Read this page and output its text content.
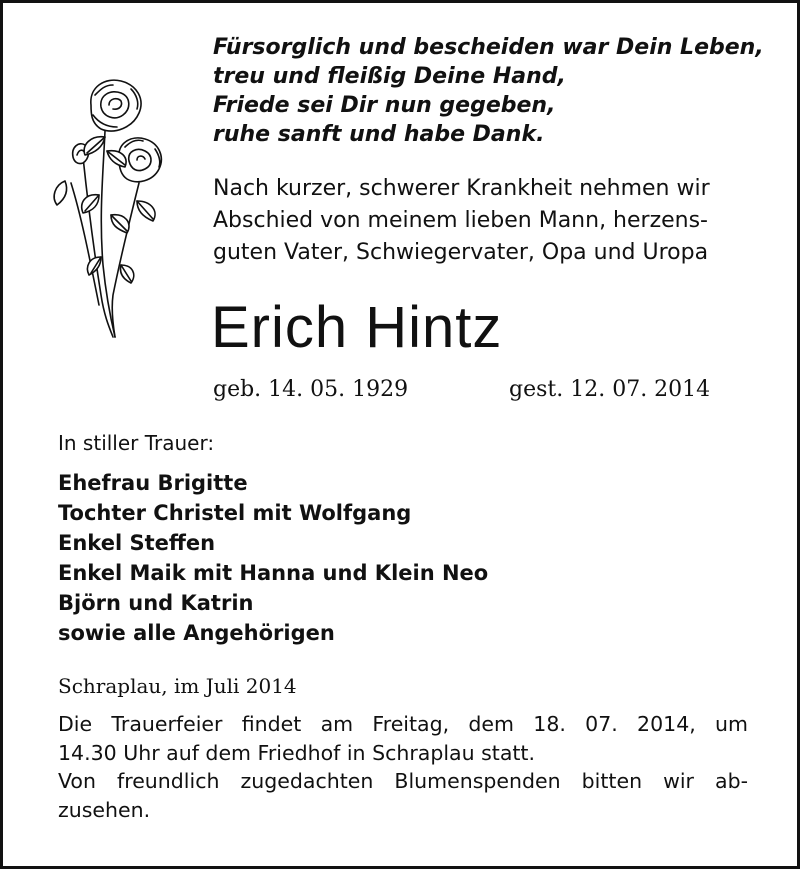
Fürsorglich und bescheiden war Dein Leben,
treu und fleißig Deine Hand,
Friede sei Dir nun gegeben,
ruhe sanft und habe Dank.
Nach kurzer, schwerer Krankheit nehmen wir
Abschied von meinem lieben Mann, herzens-
guten Vater, Schwiegervater, Opa und Uropa
Erich Hintz
geb. 14. 05. 1929	gest. 12. 07. 2014
In stiller Trauer:
Ehefrau Brigitte
Tochter Christel mit Wolfgang
Enkel Steffen
Enkel Maik mit Hanna und Klein Neo
Björn und Katrin
sowie alle Angehörigen
Schraplau, im Juli 2014
Die Trauerfeier findet am Freitag, dem 18. 07. 2014, um
14.30 Uhr auf dem Friedhof in Schraplau statt.
Von freundlich zugedachten Blumenspenden bitten wir ab-
zusehen.
